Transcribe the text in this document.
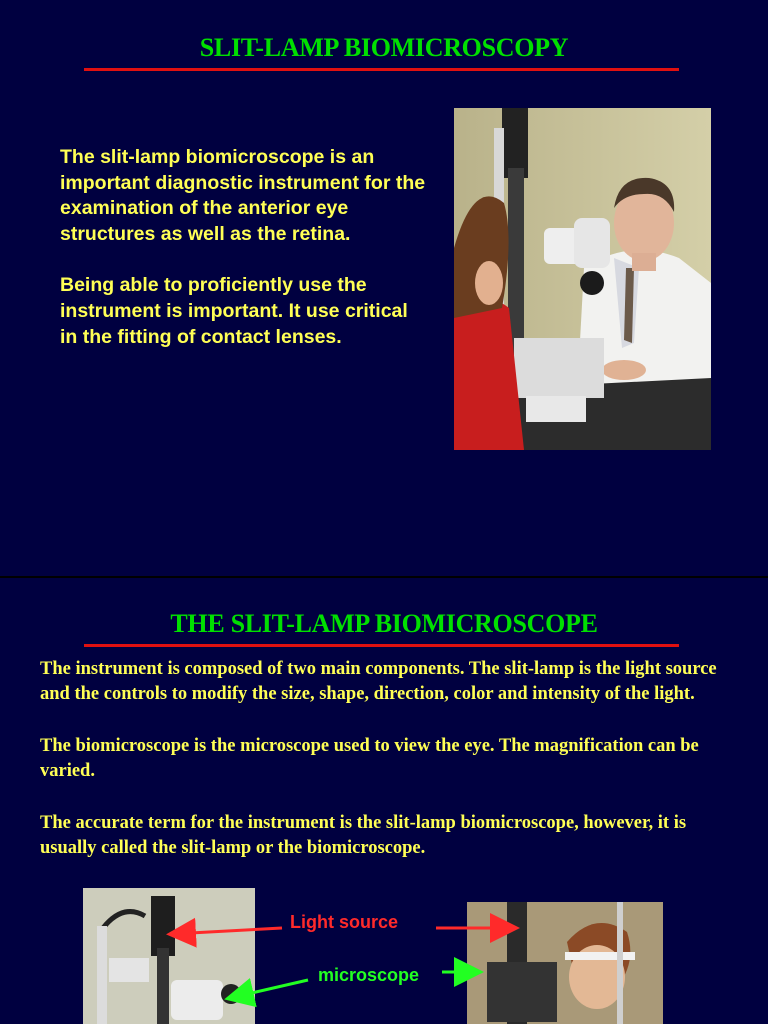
SLIT-LAMP BIOMICROSCOPY

The slit-lamp biomicroscope is an important diagnostic instrument for the examination of the anterior eye structures as well as the retina.

Being able to proficiently use the instrument is important. It use critical in the fitting of contact lenses.

THE SLIT-LAMP BIOMICROSCOPE

The instrument is composed of two main components. The slit-lamp is the light source and the controls to modify the size, shape, direction, color and intensity of the light.

The biomicroscope is the microscope used to view the eye. The magnification can be varied.

The accurate term for the instrument is the slit-lamp biomicroscope, however, it is usually called the slit-lamp or the biomicroscope.

Light source
microscope
